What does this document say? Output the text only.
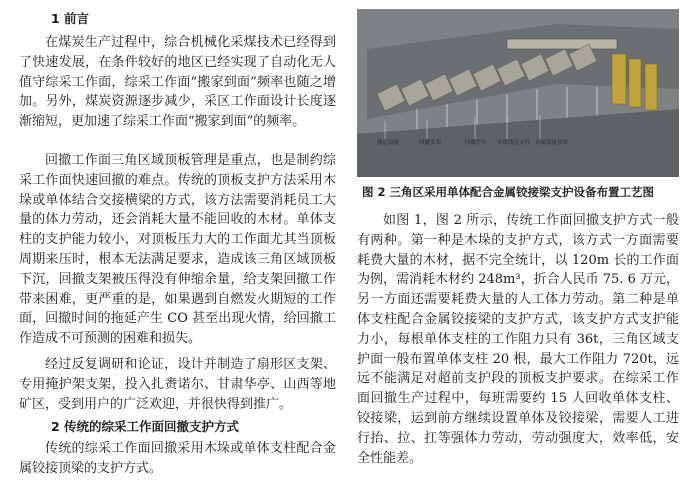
1 前言

在煤炭生产过程中，综合机械化采煤技术已经得到了快速发展，在条件较好的地区已经实现了自动化无人值守综采工作面，综采工作面“搬家到面”频率也随之增加。另外，煤炭资源逐步减少，采区工作面设计长度逐渐缩短，更加速了综采工作面“搬家到面”的频率。

回撤工作面三角区域顶板管理是重点，也是制约综采工作面快速回撤的难点。传统的顶板支护方法采用木垛或单体结合交接横梁的方式，该方法需要消耗员工大量的体力劳动，还会消耗大量不能回收的木材。单体支柱的支护能力较小，对顶板压力大的工作面尤其当顶板周期来压时，根本无法满足要求，造成该三角区域顶板下沉，回撤支架被压得没有伸缩余量，给支架回撤工作带来困难，更严重的是，如果遇到自燃发火期短的工作面，回撤时间的拖延产生 CO 甚至出现火情，给回撤工作造成不可预测的困难和损失。

经过反复调研和论证，设计并制造了扇形区支架、专用掩护架支架，投入扎赉诺尔、甘肃华亭、山西等地矿区，受到用户的广泛欢迎，并很快得到推广。

2 传统的综采工作面回撤支护方式

传统的综采工作面回撤采用木垛或单体支柱配合金属铰接顶梁的支护方式。

搬运设备	回撤支架	回撤平台 单体液压支柱 金属铰接顶梁
图 2 三角区采用单体配合金属铰接梁支护设备布置工艺图

如图 1，图 2 所示，传统工作面回撤支护方式一般有两种。第一种是木垛的支护方式，该方式一方面需要耗费大量的木材，据不完全统计，以 120m 长的工作面为例，需消耗木材约 248m³，折合人民币 75. 6 万元，另一方面还需要耗费大量的人工体力劳动。第二种是单体支柱配合金属铰接梁的支护方式，该支护方式支护能力小，每根单体支柱的工作阻力只有 36t，三角区域支护面一般布置单体支柱 20 根，最大工作阻力 720t，远远不能满足对超前支护段的顶板支护要求。在综采工作面回撤生产过程中，每班需要约 15 人回收单体支柱、铰接梁，运到前方继续设置单体及铰接梁，需要人工进行抬、拉、扛等强体力劳动，劳动强度大，效率低，安全性能差。
